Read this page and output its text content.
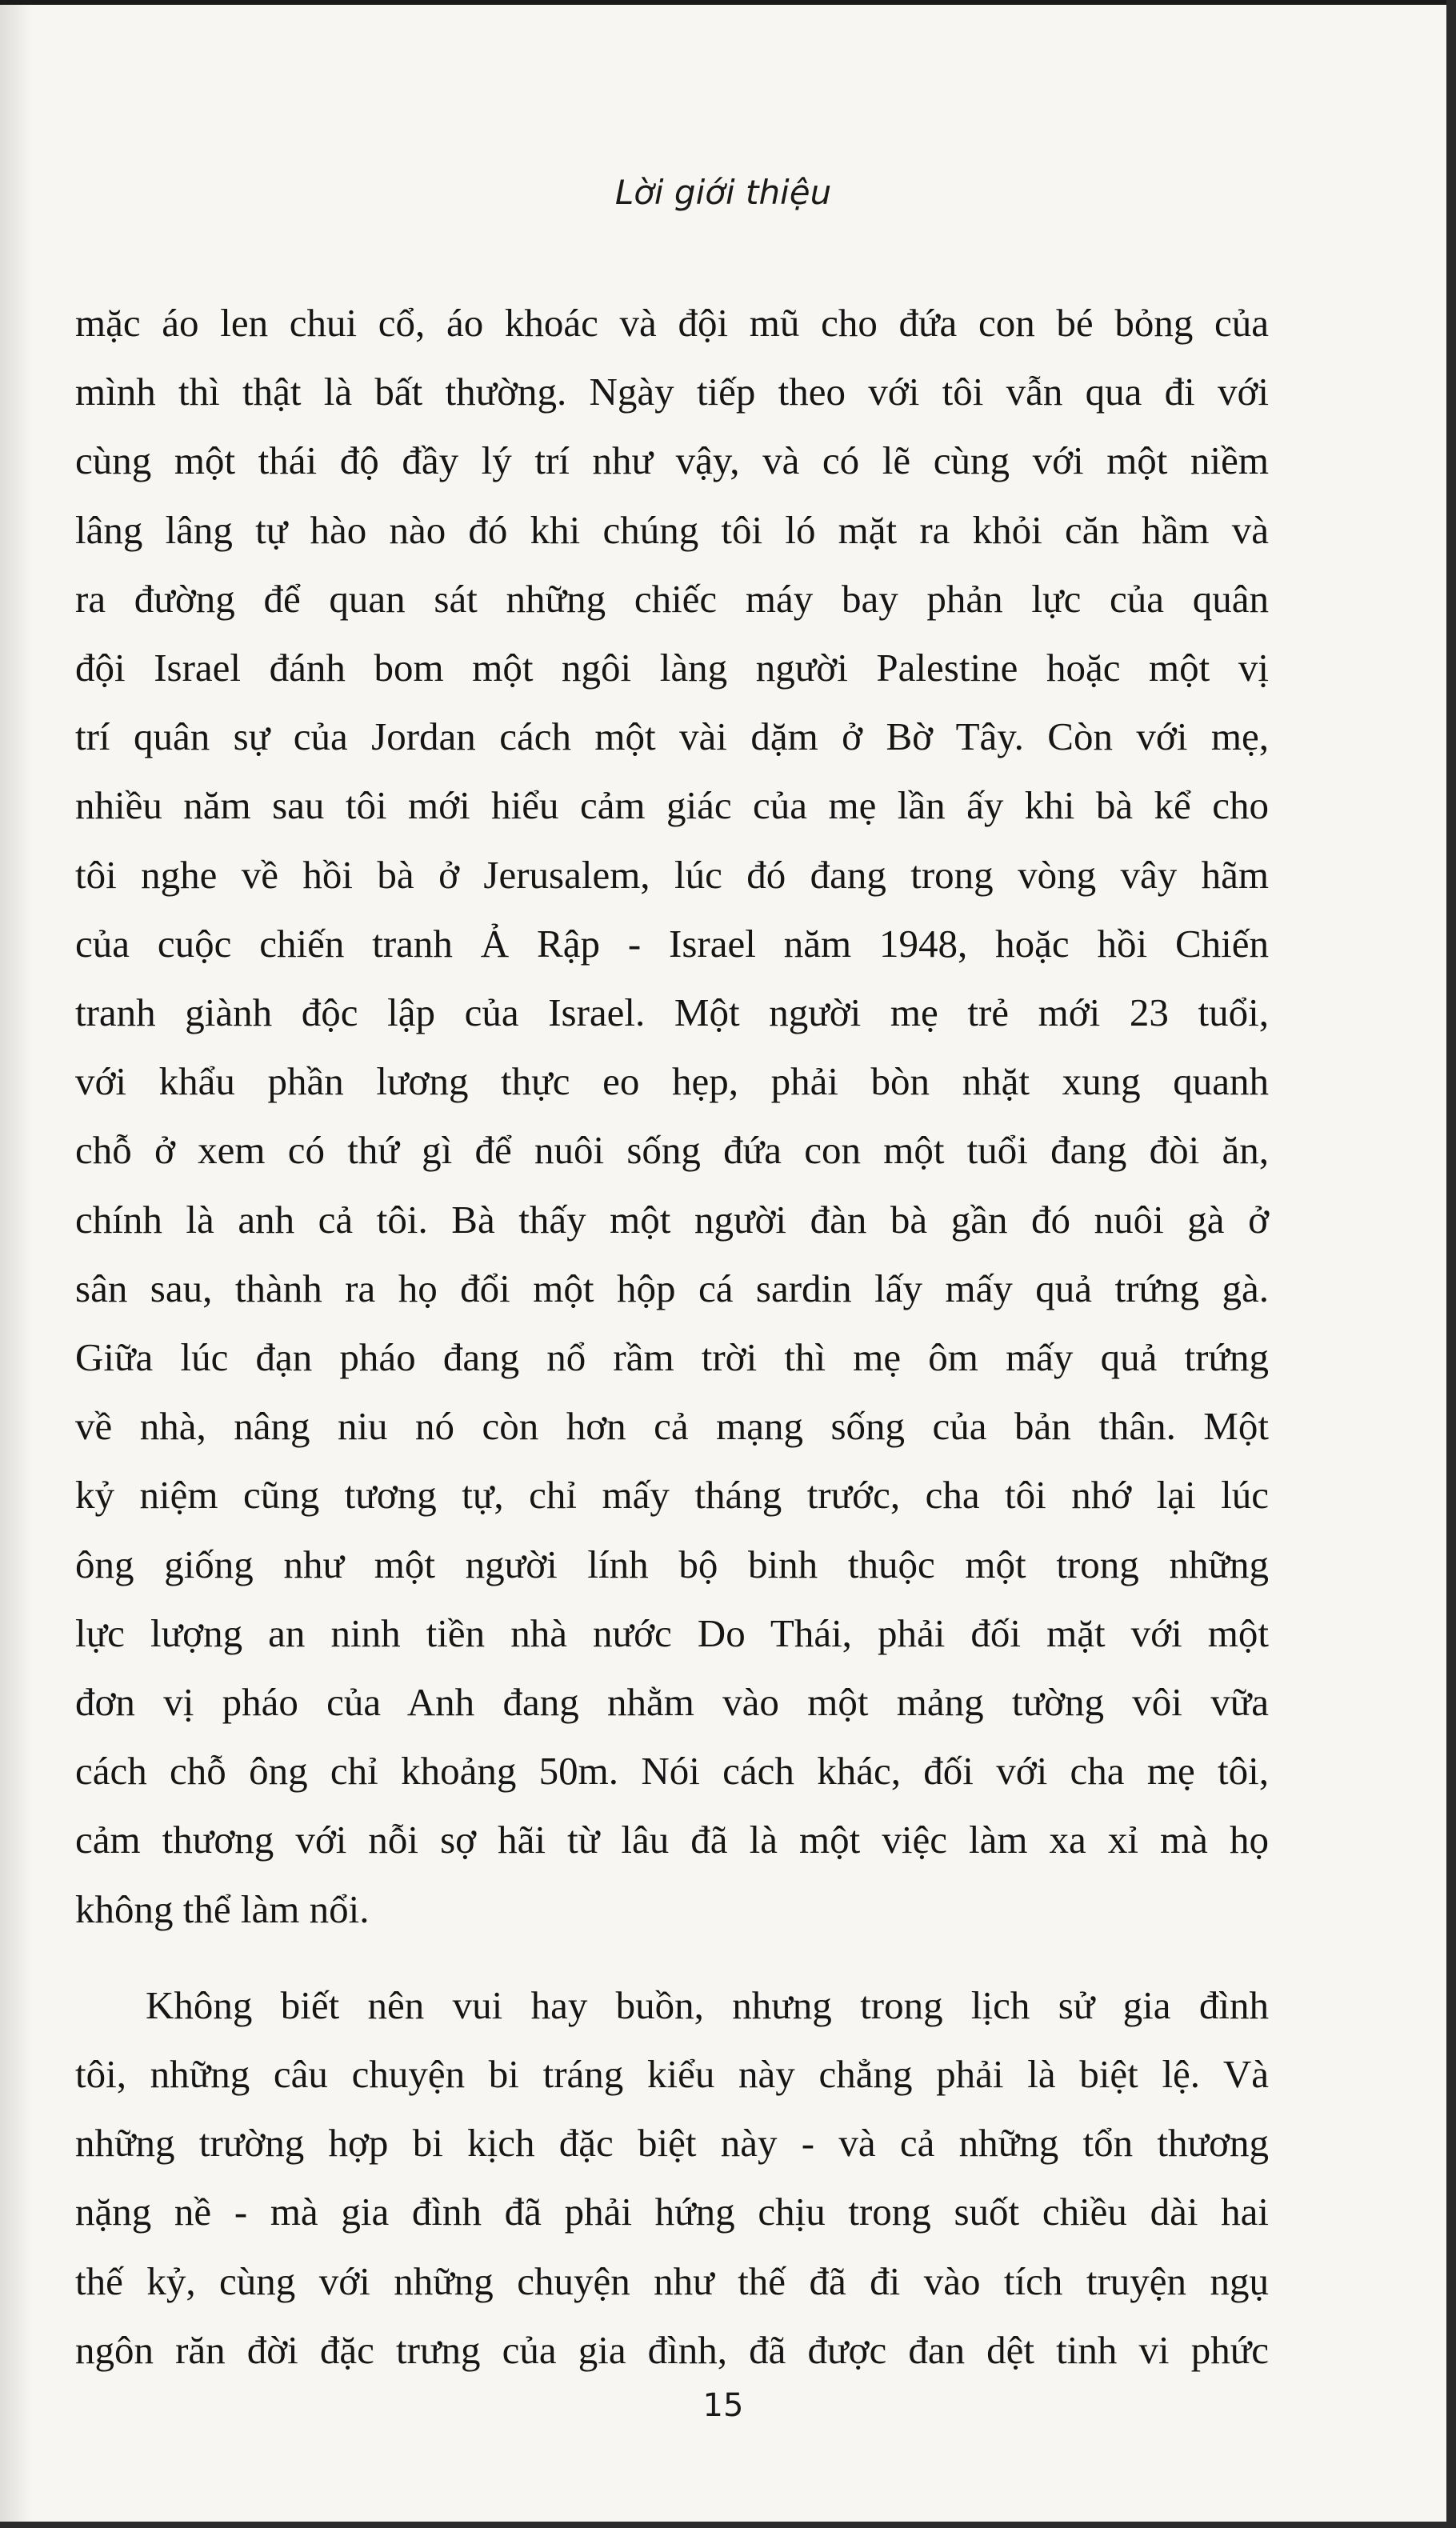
Lời giới thiệu

mặc áo len chui cổ, áo khoác và đội mũ cho đứa con bé bỏng của
mình thì thật là bất thường. Ngày tiếp theo với tôi vẫn qua đi với
cùng một thái độ đầy lý trí như vậy, và có lẽ cùng với một niềm
lâng lâng tự hào nào đó khi chúng tôi ló mặt ra khỏi căn hầm và
ra đường để quan sát những chiếc máy bay phản lực của quân
đội Israel đánh bom một ngôi làng người Palestine hoặc một vị
trí quân sự của Jordan cách một vài dặm ở Bờ Tây. Còn với mẹ,
nhiều năm sau tôi mới hiểu cảm giác của mẹ lần ấy khi bà kể cho
tôi nghe về hồi bà ở Jerusalem, lúc đó đang trong vòng vây hãm
của cuộc chiến tranh Ả Rập - Israel năm 1948, hoặc hồi Chiến
tranh giành độc lập của Israel. Một người mẹ trẻ mới 23 tuổi,
với khẩu phần lương thực eo hẹp, phải bòn nhặt xung quanh
chỗ ở xem có thứ gì để nuôi sống đứa con một tuổi đang đòi ăn,
chính là anh cả tôi. Bà thấy một người đàn bà gần đó nuôi gà ở
sân sau, thành ra họ đổi một hộp cá sardin lấy mấy quả trứng gà.
Giữa lúc đạn pháo đang nổ rầm trời thì mẹ ôm mấy quả trứng
về nhà, nâng niu nó còn hơn cả mạng sống của bản thân. Một
kỷ niệm cũng tương tự, chỉ mấy tháng trước, cha tôi nhớ lại lúc
ông giống như một người lính bộ binh thuộc một trong những
lực lượng an ninh tiền nhà nước Do Thái, phải đối mặt với một
đơn vị pháo của Anh đang nhằm vào một mảng tường vôi vữa
cách chỗ ông chỉ khoảng 50m. Nói cách khác, đối với cha mẹ tôi,
cảm thương với nỗi sợ hãi từ lâu đã là một việc làm xa xỉ mà họ
không thể làm nổi.

Không biết nên vui hay buồn, nhưng trong lịch sử gia đình
tôi, những câu chuyện bi tráng kiểu này chẳng phải là biệt lệ. Và
những trường hợp bi kịch đặc biệt này - và cả những tổn thương
nặng nề - mà gia đình đã phải hứng chịu trong suốt chiều dài hai
thế kỷ, cùng với những chuyện như thế đã đi vào tích truyện ngụ
ngôn răn đời đặc trưng của gia đình, đã được đan dệt tinh vi phức

15
